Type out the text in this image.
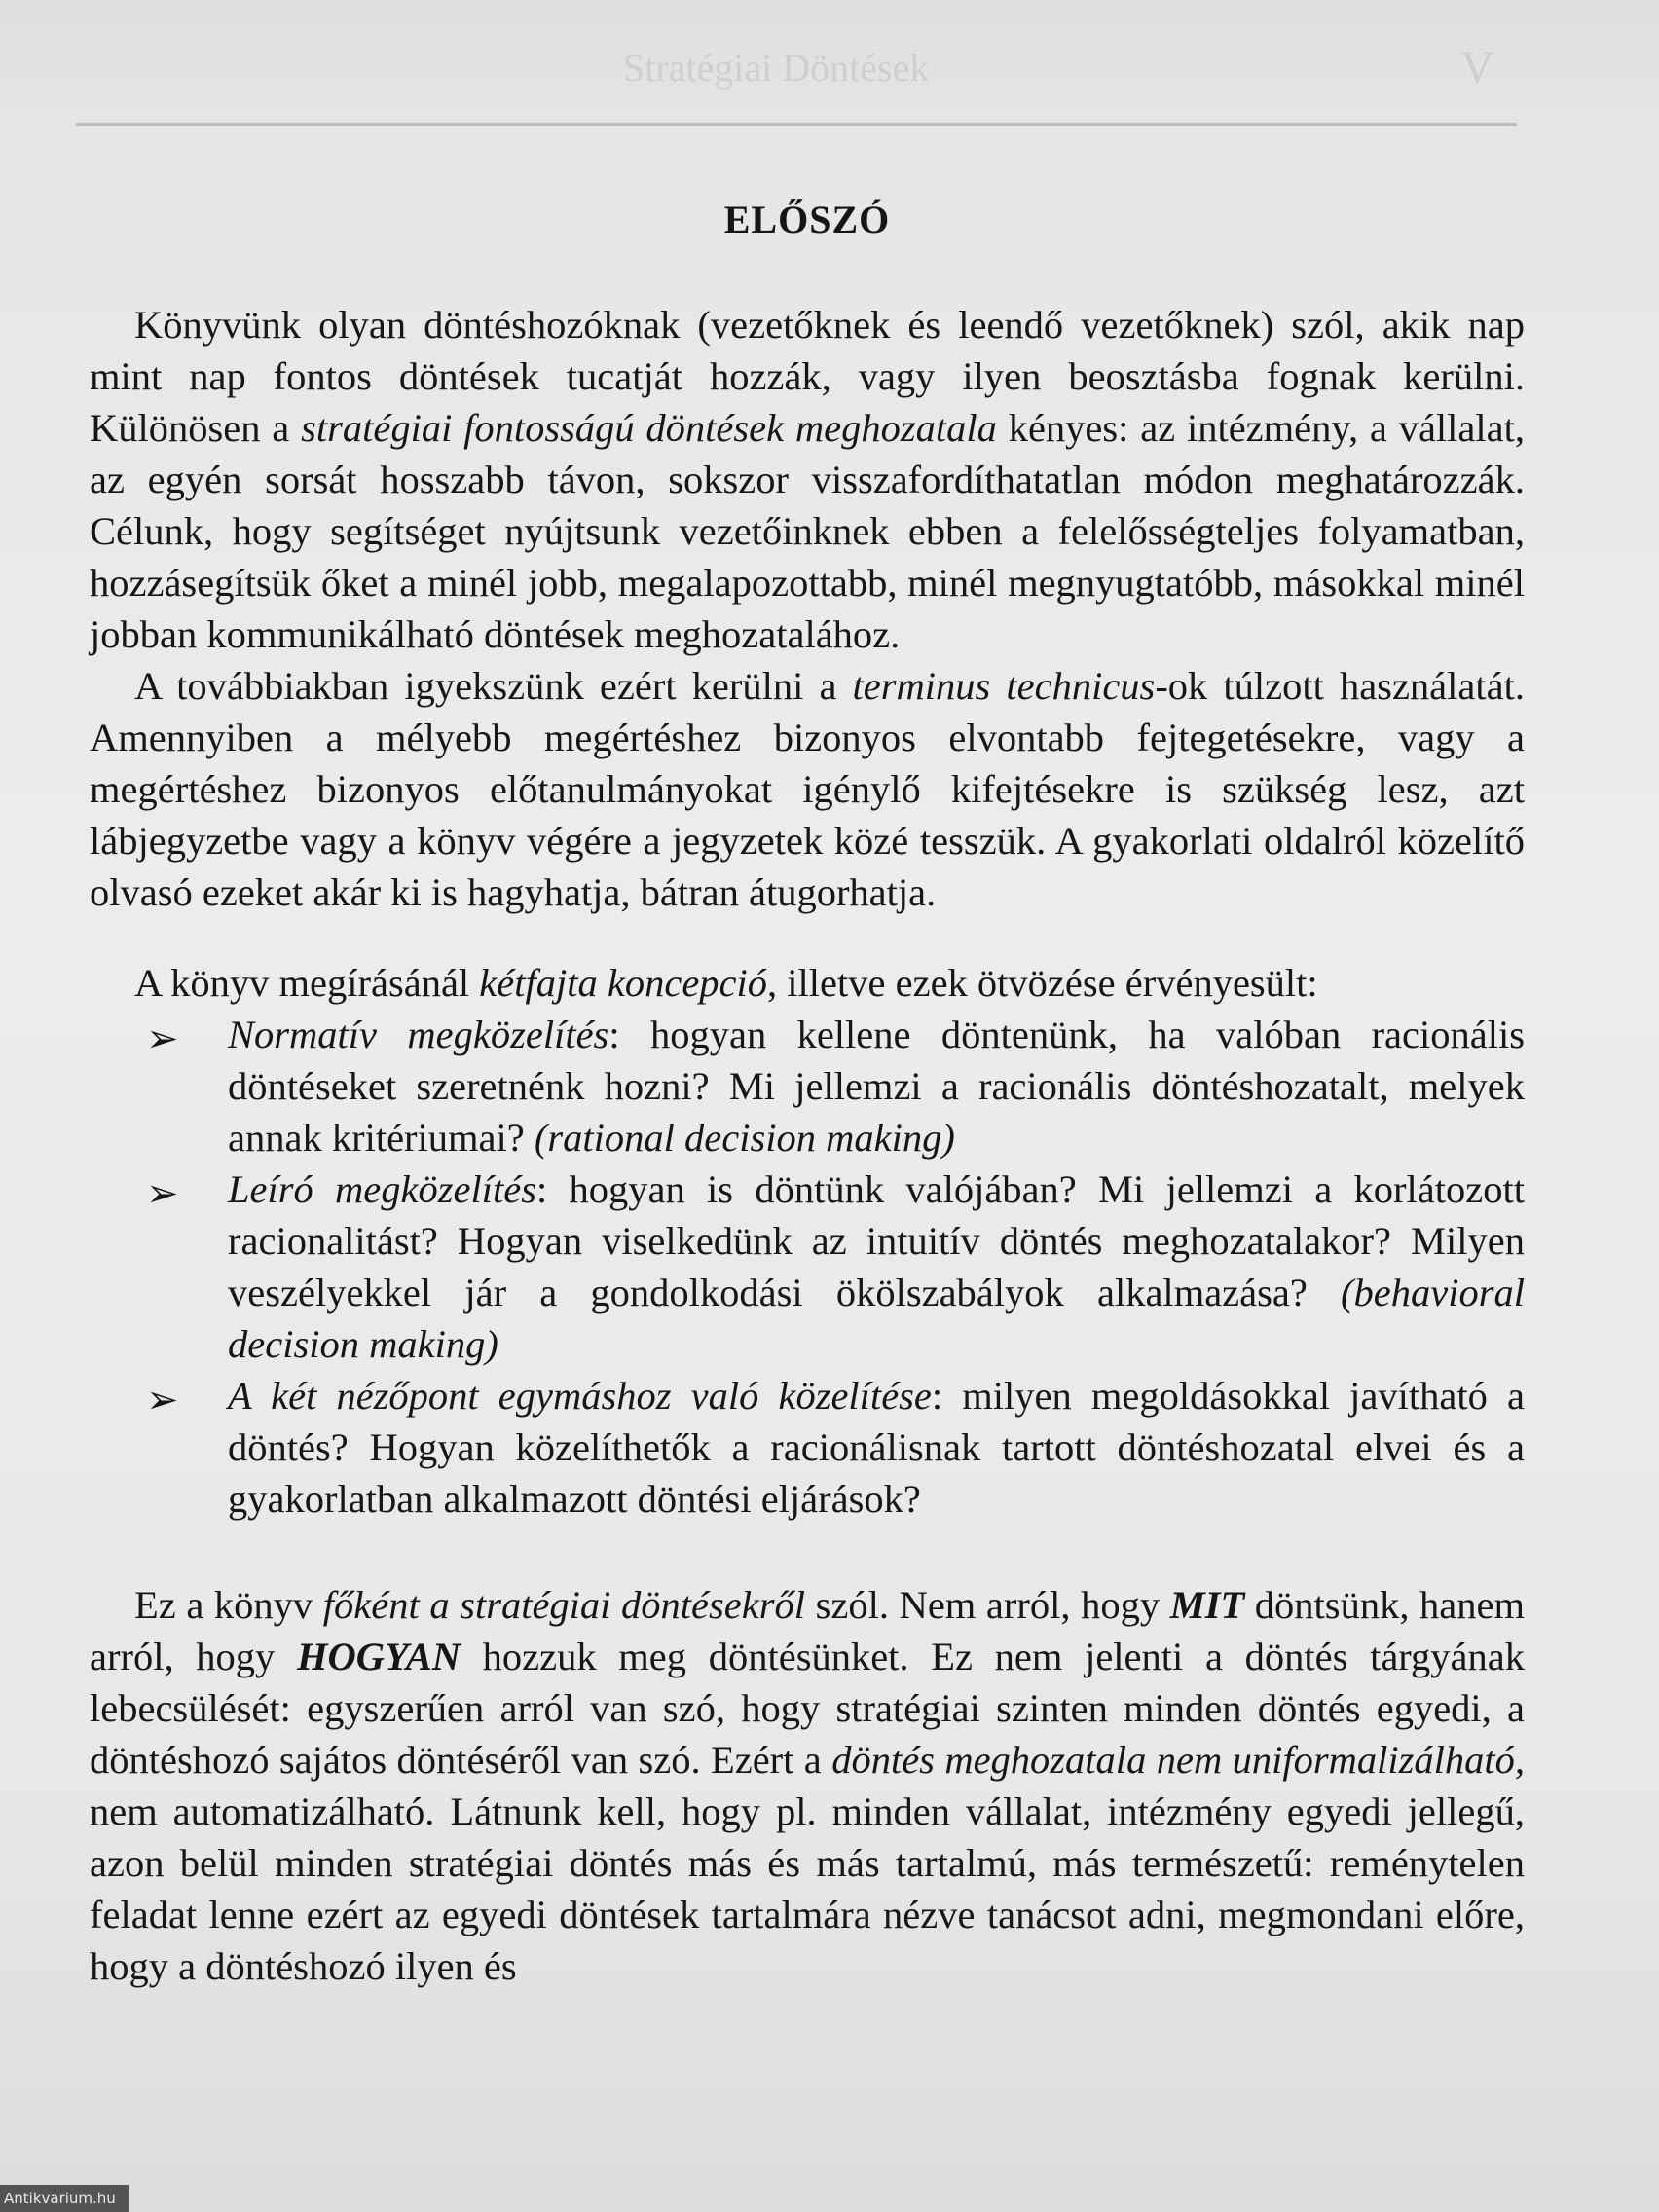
Stratégiai Döntések	V
ELŐSZÓ

Könyvünk olyan döntéshozóknak (vezetőknek és leendő vezetőknek) szól, akik nap mint nap fontos döntések tucatját hozzák, vagy ilyen beosztásba fognak kerülni. Különösen a stratégiai fontosságú döntések meghozatala kényes: az intézmény, a vállalat, az egyén sorsát hosszabb távon, sokszor visszafordíthatatlan módon meghatározzák. Célunk, hogy segítséget nyújtsunk vezetőinknek ebben a felelősségteljes folyamatban, hozzásegítsük őket a minél jobb, megalapozottabb, minél megnyugtatóbb, másokkal minél jobban kommunikálható döntések meghozatalához.

A továbbiakban igyekszünk ezért kerülni a terminus technicus-ok túlzott használatát. Amennyiben a mélyebb megértéshez bizonyos elvontabb fejtegetésekre, vagy a megértéshez bizonyos előtanulmányokat igénylő kifejtésekre is szükség lesz, azt lábjegyzetbe vagy a könyv végére a jegyzetek közé tesszük. A gyakorlati oldalról közelítő olvasó ezeket akár ki is hagyhatja, bátran átugorhatja.

A könyv megírásánál kétfajta koncepció, illetve ezek ötvözése érvényesült:

➢ Normatív megközelítés: hogyan kellene döntenünk, ha valóban racionális döntéseket szeretnénk hozni? Mi jellemzi a racionális döntéshozatalt, melyek annak kritériumai? (rational decision making)
➢ Leíró megközelítés: hogyan is döntünk valójában? Mi jellemzi a korlátozott racionalitást? Hogyan viselkedünk az intuitív döntés meghozatalakor? Milyen veszélyekkel jár a gondolkodási ökölszabályok alkalmazása? (behavioral decision making)
➢ A két nézőpont egymáshoz való közelítése: milyen megoldásokkal javítható a döntés? Hogyan közelíthetők a racionálisnak tartott döntéshozatal elvei és a gyakorlatban alkalmazott döntési eljárások?

Ez a könyv főként a stratégiai döntésekről szól. Nem arról, hogy MIT döntsünk, hanem arról, hogy HOGYAN hozzuk meg döntésünket. Ez nem jelenti a döntés tárgyának lebecsülését: egyszerűen arról van szó, hogy stratégiai szinten minden döntés egyedi, a döntéshozó sajátos döntéséről van szó. Ezért a döntés meghozatala nem uniformalizálható, nem automatizálható. Látnunk kell, hogy pl. minden vállalat, intézmény egyedi jellegű, azon belül minden stratégiai döntés más és más tartalmú, más természetű: reménytelen feladat lenne ezért az egyedi döntések tartalmára nézve tanácsot adni, megmondani előre, hogy a döntéshozó ilyen és

Antikvarium.hu
